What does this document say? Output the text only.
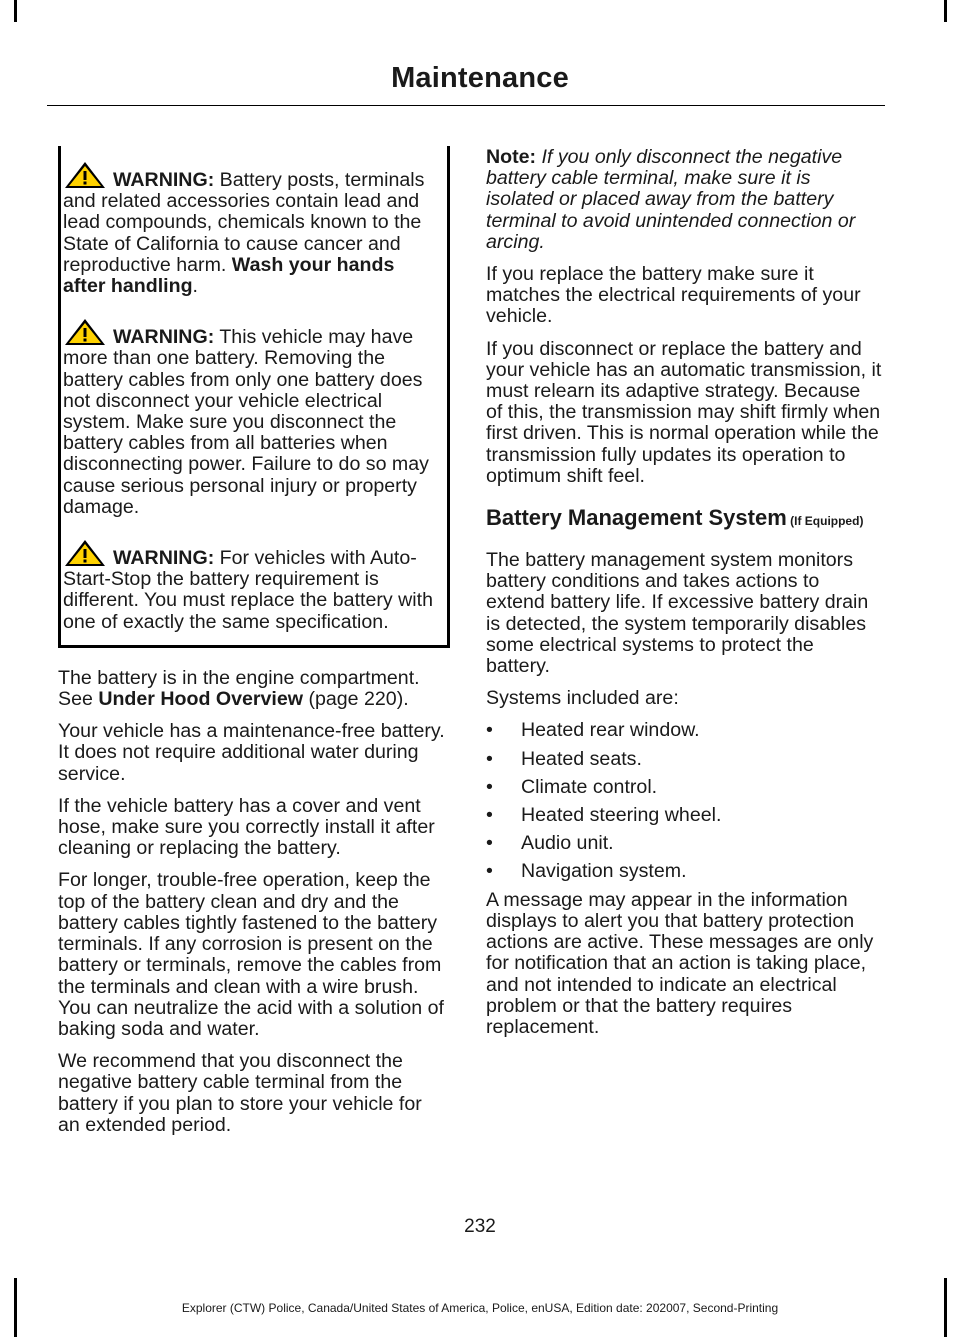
Maintenance
WARNING: Battery posts, terminals and related accessories contain lead and lead compounds, chemicals known to the State of California to cause cancer and reproductive harm. Wash your hands after handling.
WARNING: This vehicle may have more than one battery. Removing the battery cables from only one battery does not disconnect your vehicle electrical system. Make sure you disconnect the battery cables from all batteries when disconnecting power. Failure to do so may cause serious personal injury or property damage.
WARNING: For vehicles with Auto-Start-Stop the battery requirement is different. You must replace the battery with one of exactly the same specification.

The battery is in the engine compartment. See Under Hood Overview (page 220).

Your vehicle has a maintenance-free battery. It does not require additional water during service.

If the vehicle battery has a cover and vent hose, make sure you correctly install it after cleaning or replacing the battery.

For longer, trouble-free operation, keep the top of the battery clean and dry and the battery cables tightly fastened to the battery terminals. If any corrosion is present on the battery or terminals, remove the cables from the terminals and clean with a wire brush. You can neutralize the acid with a solution of baking soda and water.

We recommend that you disconnect the negative battery cable terminal from the battery if you plan to store your vehicle for an extended period.

Note: If you only disconnect the negative battery cable terminal, make sure it is isolated or placed away from the battery terminal to avoid unintended connection or arcing.

If you replace the battery make sure it matches the electrical requirements of your vehicle.

If you disconnect or replace the battery and your vehicle has an automatic transmission, it must relearn its adaptive strategy. Because of this, the transmission may shift firmly when first driven. This is normal operation while the transmission fully updates its operation to optimum shift feel.

Battery Management System (If Equipped)

The battery management system monitors battery conditions and takes actions to extend battery life. If excessive battery drain is detected, the system temporarily disables some electrical systems to protect the battery.

Systems included are:

• Heated rear window.
• Heated seats.
• Climate control.
• Heated steering wheel.
• Audio unit.
• Navigation system.

A message may appear in the information displays to alert you that battery protection actions are active. These messages are only for notification that an action is taking place, and not intended to indicate an electrical problem or that the battery requires replacement.

232
Explorer (CTW) Police, Canada/United States of America, Police, enUSA, Edition date: 202007, Second-Printing
